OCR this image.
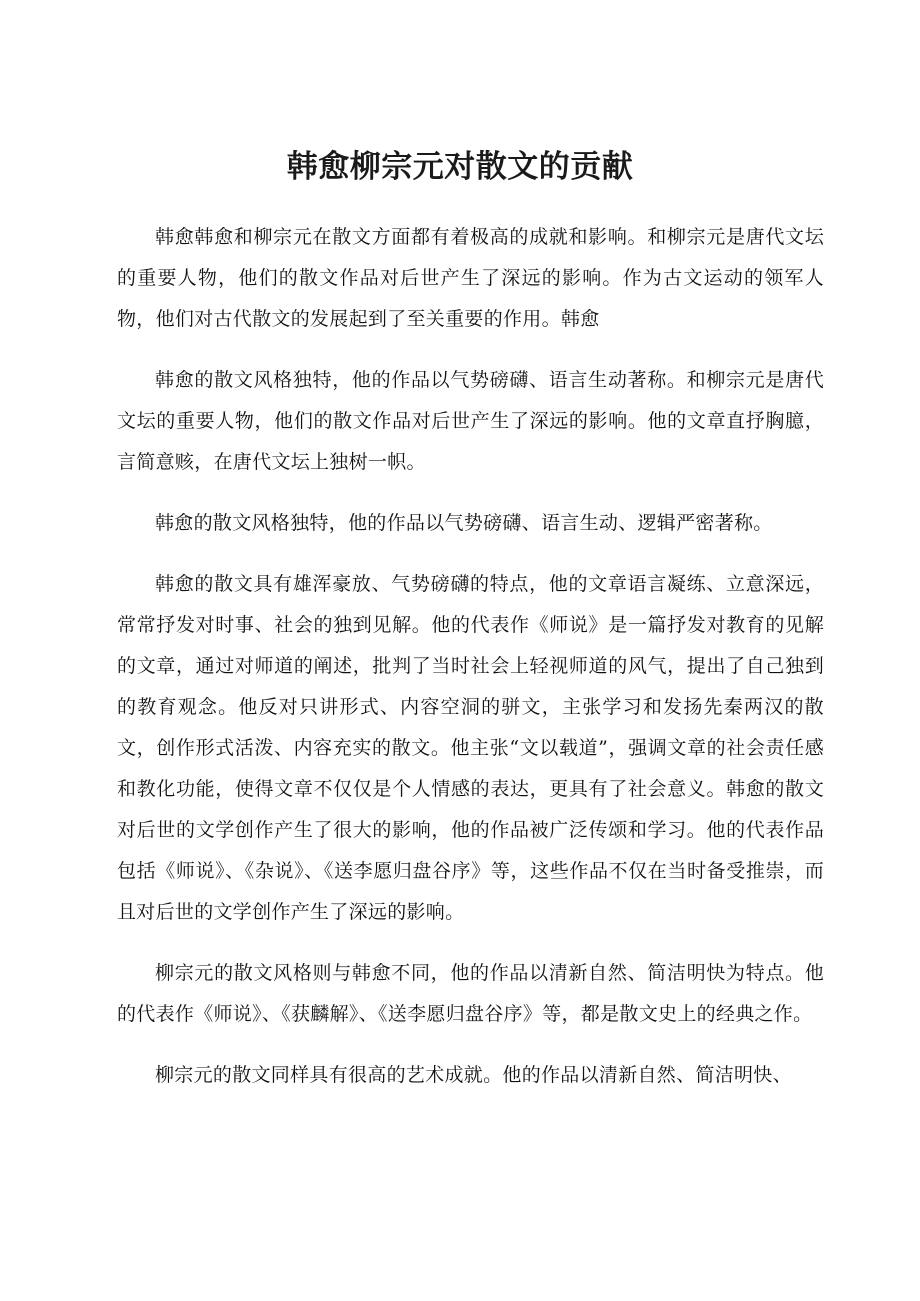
韩愈柳宗元对散文的贡献

韩愈韩愈和柳宗元在散文方面都有着极高的成就和影响。和柳宗元是唐代文坛的重要人物，他们的散文作品对后世产生了深远的影响。作为古文运动的领军人物，他们对古代散文的发展起到了至关重要的作用。韩愈

韩愈的散文风格独特，他的作品以气势磅礴、语言生动著称。和柳宗元是唐代文坛的重要人物，他们的散文作品对后世产生了深远的影响。他的文章直抒胸臆，言简意赅，在唐代文坛上独树一帜。

韩愈的散文风格独特，他的作品以气势磅礴、语言生动、逻辑严密著称。

韩愈的散文具有雄浑豪放、气势磅礴的特点，他的文章语言凝练、立意深远，常常抒发对时事、社会的独到见解。他的代表作《师说》是一篇抒发对教育的见解的文章，通过对师道的阐述，批判了当时社会上轻视师道的风气，提出了自己独到的教育观念。他反对只讲形式、内容空洞的骈文，主张学习和发扬先秦两汉的散文，创作形式活泼、内容充实的散文。他主张“文以载道”，强调文章的社会责任感和教化功能，使得文章不仅仅是个人情感的表达，更具有了社会意义。韩愈的散文对后世的文学创作产生了很大的影响，他的作品被广泛传颂和学习。他的代表作品包括《师说》、《杂说》、《送李愿归盘谷序》等，这些作品不仅在当时备受推崇，而且对后世的文学创作产生了深远的影响。

柳宗元的散文风格则与韩愈不同，他的作品以清新自然、简洁明快为特点。他的代表作《师说》、《获麟解》、《送李愿归盘谷序》等，都是散文史上的经典之作。

柳宗元的散文同样具有很高的艺术成就。他的作品以清新自然、简洁明快、
